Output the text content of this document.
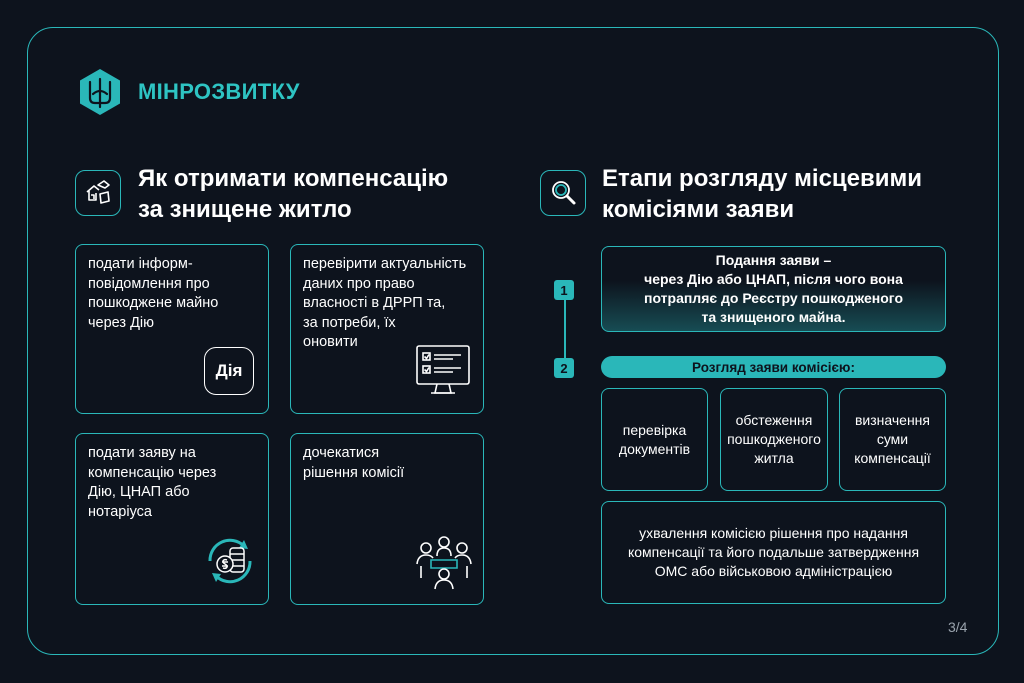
МІНРОЗВИТКУ
Як отримати компенсацію
за знищене житло
подати інформ-
повідомлення про
пошкоджене майно
через Дію
Дія
перевірити актуальність
даних про право
власності в ДРРП та,
за потреби, їх
оновити
подати заяву на
компенсацію через
Дію, ЦНАП або
нотаріуса
дочекатися
рішення комісії
Етапи розгляду місцевими
комісіями заяви
1
2
Подання заяви –
через Дію або ЦНАП, після чого вона
потрапляє до Реєстру пошкодженого
та знищеного майна.
Розгляд заяви комісією:
перевірка
документів
обстеження
пошкодженого
житла
визначення
суми
компенсації
ухвалення комісією рішення про надання
компенсації та його подальше затвердження
ОМС або військовою адміністрацією
3/4
